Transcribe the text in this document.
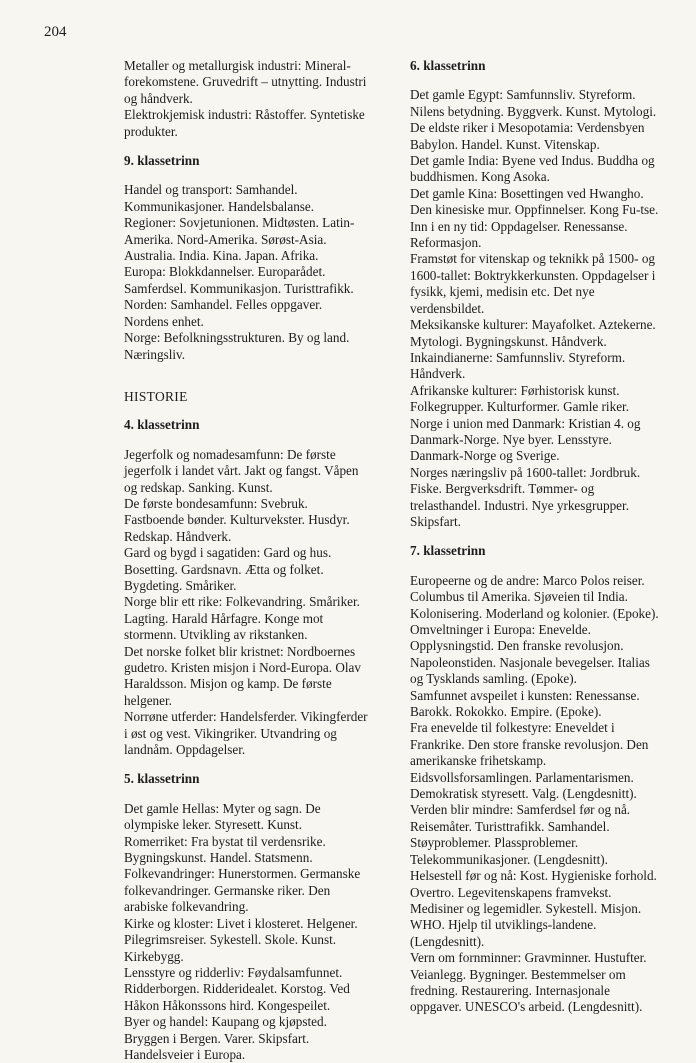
204

Metaller og metallurgisk industri: Mineral-forekomstene. Gruvedrift – utnytting. Industri og håndverk.

Elektrokjemisk industri: Råstoffer. Syntetiske produkter.

9. klassetrinn

Handel og transport: Samhandel. Kommunikasjoner. Handelsbalanse.

Regioner: Sovjetunionen. Midtøsten. Latin-Amerika. Nord-Amerika. Sørøst-Asia. Australia. India. Kina. Japan. Afrika.

Europa: Blokkdannelser. Europarådet. Samferdsel. Kommunikasjon. Turisttrafikk.

Norden: Samhandel. Felles oppgaver. Nordens enhet.

Norge: Befolkningsstrukturen. By og land. Næringsliv.

HISTORIE

4. klassetrinn

Jegerfolk og nomadesamfunn: De første jegerfolk i landet vårt. Jakt og fangst. Våpen og redskap. Sanking. Kunst.

De første bondesamfunn: Svebruk. Fastboende bønder. Kulturvekster. Husdyr. Redskap. Håndverk.

Gard og bygd i sagatiden: Gard og hus. Bosetting. Gardsnavn. Ætta og folket. Bygdeting. Småriker.

Norge blir ett rike: Folkevandring. Småriker. Lagting. Harald Hårfagre. Konge mot stormenn. Utvikling av rikstanken.

Det norske folket blir kristnet: Nordboernes gudetro. Kristen misjon i Nord-Europa. Olav Haraldsson. Misjon og kamp. De første helgener.

Norrøne utferder: Handelsferder. Vikingferder i øst og vest. Vikingriker. Utvandring og landnåm. Oppdagelser.

5. klassetrinn

Det gamle Hellas: Myter og sagn. De olympiske leker. Styresett. Kunst.

Romerriket: Fra bystat til verdensrike. Bygningskunst. Handel. Statsmenn.

Folkevandringer: Hunerstormen. Germanske folkevandringer. Germanske riker. Den arabiske folkevandring.

Kirke og kloster: Livet i klosteret. Helgener. Pilegrimsreiser. Sykestell. Skole. Kunst. Kirkebygg.

Lensstyre og ridderliv: Føydalsamfunnet. Ridderborgen. Ridderidealet. Korstog. Ved Håkon Håkonssons hird. Kongespeilet.

Byer og handel: Kaupang og kjøpsted. Bryggen i Bergen. Varer. Skipsfart. Handelsveier i Europa.

6. klassetrinn

Det gamle Egypt: Samfunnsliv. Styreform. Nilens betydning. Byggverk. Kunst. Mytologi.

De eldste riker i Mesopotamia: Verdensbyen Babylon. Handel. Kunst. Vitenskap.

Det gamle India: Byene ved Indus. Buddha og buddhismen. Kong Asoka.

Det gamle Kina: Bosettingen ved Hwangho. Den kinesiske mur. Oppfinnelser. Kong Fu-tse.

Inn i en ny tid: Oppdagelser. Renessanse. Reformasjon.

Framstøt for vitenskap og teknikk på 1500- og 1600-tallet: Boktrykkerkunsten. Oppdagelser i fysikk, kjemi, medisin etc. Det nye verdensbildet.

Meksikanske kulturer: Mayafolket. Aztekerne. Mytologi. Bygningskunst. Håndverk.

Inkaindianerne: Samfunnsliv. Styreform. Håndverk.

Afrikanske kulturer: Førhistorisk kunst. Folkegrupper. Kulturformer. Gamle riker.

Norge i union med Danmark: Kristian 4. og Danmark-Norge. Nye byer. Lensstyre. Danmark-Norge og Sverige.

Norges næringsliv på 1600-tallet: Jordbruk. Fiske. Bergverksdrift. Tømmer- og trelasthandel. Industri. Nye yrkesgrupper. Skipsfart.

7. klassetrinn

Europeerne og de andre: Marco Polos reiser. Columbus til Amerika. Sjøveien til India. Kolonisering. Moderland og kolonier. (Epoke).

Omveltninger i Europa: Enevelde. Opplysningstid. Den franske revolusjon. Napoleonstiden. Nasjonale bevegelser. Italias og Tysklands samling. (Epoke).

Samfunnet avspeilet i kunsten: Renessanse. Barokk. Rokokko. Empire. (Epoke).

Fra enevelde til folkestyre: Eneveldet i Frankrike. Den store franske revolusjon. Den amerikanske frihetskamp. Eidsvollsforsamlingen. Parlamentarismen. Demokratisk styresett. Valg. (Lengdesnitt).

Verden blir mindre: Samferdsel før og nå. Reisemåter. Turisttrafikk. Samhandel. Støyproblemer. Plassproblemer. Telekommunikasjoner. (Lengdesnitt).

Helsestell før og nå: Kost. Hygieniske forhold. Overtro. Legevitenskapens framvekst. Medisiner og legemidler. Sykestell. Misjon. WHO. Hjelp til utviklings-landene. (Lengdesnitt).

Vern om fornminner: Gravminner. Hustufter. Veianlegg. Bygninger. Bestemmelser om fredning. Restaurering. Internasjonale oppgaver. UNESCO's arbeid. (Lengdesnitt).
